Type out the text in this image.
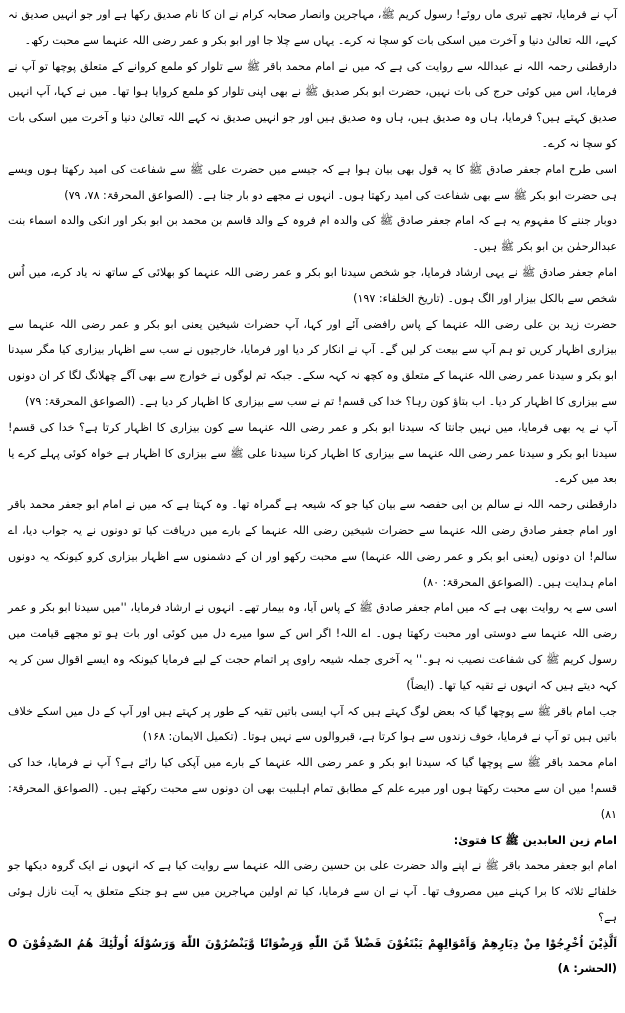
آپ نے فرمایا، تجھے تیری ماں روئے! رسول کریم ﷺ، مہاجرین وانصار صحابہ کرام نے ان کا نام صدیق رکھا ہے اور جو انہیں صدیق نہ کہے، اللہ تعالیٰ دنیا و آخرت میں اسکی بات کو سچا نہ کرے۔ یہاں سے چلا جا اور ابو بکر و عمر رضی اللہ عنہما سے محبت رکھ۔

دارقطنی رحمہ اللہ نے عبداللہ سے روایت کی ہے کہ میں نے امام محمد باقر ﷺ سے تلوار کو ملمع کروانے کے متعلق پوچھا تو آپ نے فرمایا، اس میں کوئی حرج کی بات نہیں، حضرت ابو بکر صدیق ﷺ نے بھی اپنی تلوار کو ملمع کروایا ہوا تھا۔ میں نے کہا، آپ انہیں صدیق کہتے ہیں؟ فرمایا، ہاں وہ صدیق ہیں، ہاں وہ صدیق ہیں اور جو انہیں صدیق نہ کہے اللہ تعالیٰ دنیا و آخرت میں اسکی بات کو سچا نہ کرے۔

اسی طرح امام جعفر صادق ﷺ کا یہ قول بھی بیان ہوا ہے کہ جیسے میں حضرت علی ﷺ سے شفاعت کی امید رکھتا ہوں ویسے ہی حضرت ابو بکر ﷺ سے بھی شفاعت کی امید رکھتا ہوں۔ انہوں نے مجھے دو بار جنا ہے۔ (الصواعق المحرقۃ: ۷۸، ۷۹)

دوبار جننے کا مفہوم یہ ہے کہ امام جعفر صادق ﷺ کی والدہ ام فروہ کے والد قاسم بن محمد بن ابو بکر اور انکی والدہ اسماء بنت عبدالرحمٰن بن ابو بکر ﷺ ہیں۔

امام جعفر صادق ﷺ نے یہی ارشاد فرمایا، جو شخص سیدنا ابو بکر و عمر رضی اللہ عنہما کو بھلائی کے ساتھ نہ یاد کرے، میں اُس شخص سے بالکل بیزار اور الگ ہوں۔ (تاریخ الخلفاء: ۱۹۷)

حضرت زید بن علی رضی اللہ عنہما کے پاس رافضی آئے اور کہا، آپ حضرات شیخین یعنی ابو بکر و عمر رضی اللہ عنہما سے بیزاری اظہار کریں تو ہم آپ سے بیعت کر لیں گے۔ آپ نے انکار کر دیا اور فرمایا، خارجیوں نے سب سے اظہار بیزاری کیا مگر سیدنا ابو بکر و سیدنا عمر رضی اللہ عنہما کے متعلق وہ کچھ نہ کہہ سکے۔ جبکہ تم لوگوں نے خوارج سے بھی آگے چھلانگ لگا کر ان دونوں سے بیزاری کا اظہار کر دیا۔ اب بتاؤ کون رہا؟ خدا کی قسم! تم نے سب سے بیزاری کا اظہار کر دیا ہے۔ (الصواعق المحرقۃ: ۷۹)

آپ نے یہ بھی فرمایا، میں نہیں جانتا کہ سیدنا ابو بکر و عمر رضی اللہ عنہما سے کون بیزاری کا اظہار کرتا ہے؟ خدا کی قسم! سیدنا ابو بکر و سیدنا عمر رضی اللہ عنہما سے بیزاری کا اظہار کرنا سیدنا علی ﷺ سے بیزاری کا اظہار ہے خواہ کوئی پہلے کرے یا بعد میں کرے۔

دارقطنی رحمہ اللہ نے سالم بن ابی حفصہ سے بیان کیا جو کہ شیعہ ہے گمراہ تھا۔ وہ کہتا ہے کہ میں نے امام ابو جعفر محمد باقر اور امام جعفر صادق رضی اللہ عنہما سے حضرات شیخین رضی اللہ عنہما کے بارے میں دریافت کیا تو دونوں نے یہ جواب دیا، اے سالم! ان دونوں (یعنی ابو بکر و عمر رضی اللہ عنہما) سے محبت رکھو اور ان کے دشمنوں سے اظہار بیزاری کرو کیونکہ یہ دونوں امام ہدایت ہیں۔ (الصواعق المحرقۃ: ۸۰)

اسی سے یہ روایت بھی ہے کہ میں امام جعفر صادق ﷺ کے پاس آیا، وہ بیمار تھے۔ انہوں نے ارشاد فرمایا، ''میں سیدنا ابو بکر و عمر رضی اللہ عنہما سے دوستی اور محبت رکھتا ہوں۔ اے اللہ! اگر اس کے سوا میرے دل میں کوئی اور بات ہو تو مجھے قیامت میں رسول کریم ﷺ کی شفاعت نصیب نہ ہو۔'' یہ آخری جملہ شیعہ راوی پر اتمام حجت کے لیے فرمایا کیونکہ وہ ایسے اقوال سن کر یہ کہہ دیتے ہیں کہ انہوں نے تقیہ کیا تھا۔ (ایضاً)

جب امام باقر ﷺ سے پوچھا گیا کہ بعض لوگ کہتے ہیں کہ آپ ایسی باتیں تقیہ کے طور پر کہتے ہیں اور آپ کے دل میں اسکے خلاف باتیں ہیں تو آپ نے فرمایا، خوف زندوں سے ہوا کرتا ہے، قبروالوں سے نہیں ہوتا۔ (تکمیل الایمان: ۱۶۸)

امام محمد باقر ﷺ سے پوچھا گیا کہ سیدنا ابو بکر و عمر رضی اللہ عنہما کے بارے میں آپکی کیا رائے ہے؟ آپ نے فرمایا، خدا کی قسم! میں ان سے محبت رکھتا ہوں اور میرے علم کے مطابق تمام اہلبیت بھی ان دونوں سے محبت رکھتے ہیں۔ (الصواعق المحرقۃ: ۸۱)

امام زین العابدین ﷺ کا فتویٰ:

امام ابو جعفر محمد باقر ﷺ نے اپنے والد حضرت علی بن حسین رضی اللہ عنہما سے روایت کیا ہے کہ انہوں نے ایک گروہ دیکھا جو خلفائے ثلاثہ کا برا کہنے میں مصروف تھا۔ آپ نے ان سے فرمایا، کیا تم اولین مہاجرین میں سے ہو جنکے متعلق یہ آیت نازل ہوئی ہے؟

اَلَّذِیْنَ اُخْرِجُوْا مِنْ دِیَارِهِمْ وَاَمْوَالِهِمْ یَبْتَغُوْنَ فَضْلاً مِّنَ اللّٰهِ وَرِضْوَانًا وَّیَنْصُرُوْنَ اللّٰهَ وَرَسُوْلَهٗ اُولٰٓئِكَ هُمُ الصّٰدِقُوْنَ O (الحشر: ۸)
